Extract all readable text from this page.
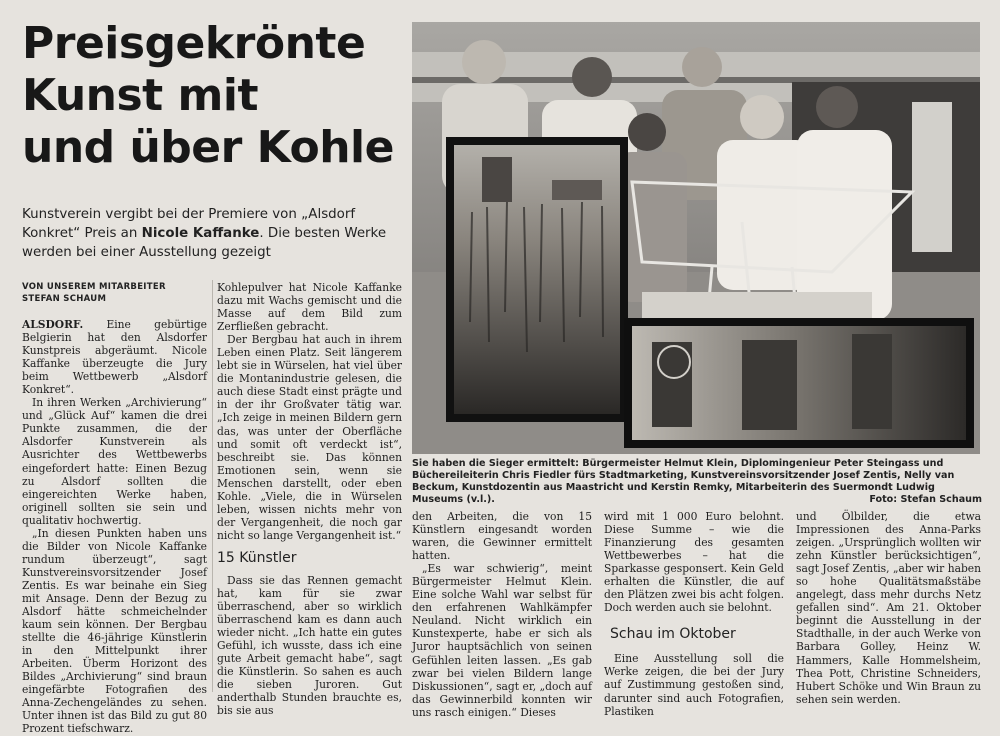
Preisgekrönte
Kunst mit
und über Kohle
Kunstverein vergibt bei der Premiere von „Alsdorf Konkret“ Preis an Nicole Kaffanke. Die besten Werke werden bei einer Ausstellung gezeigt
VON UNSEREM MITARBEITER
STEFAN SCHAUM

ALSDORF. Eine gebürtige Belgierin hat den Alsdorfer Kunstpreis abgeräumt. Nicole Kaffanke überzeugte die Jury beim Wettbewerb „Alsdorf Konkret“.

In ihren Werken „Archivierung“ und „Glück Auf“ kamen die drei Punkte zusammen, die der Alsdorfer Kunstverein als Ausrichter des Wettbewerbs eingefordert hatte: Einen Bezug zu Alsdorf sollten die eingereichten Werke haben, originell sollten sie sein und qualitativ hochwertig.

„In diesen Punkten haben uns die Bilder von Nicole Kaffanke rundum überzeugt“, sagt Kunstvereinsvorsitzender Josef Zentis. Es war beinahe ein Sieg mit Ansage. Denn der Bezug zu Alsdorf hätte schmeichelnder kaum sein können. Der Bergbau stellte die 46-jährige Künstlerin in den Mittelpunkt ihrer Arbeiten. Überm Horizont des Bildes „Archivierung“ sind braun eingefärbte Fotografien des Anna-Zechengeländes zu sehen. Unter ihnen ist das Bild zu gut 80 Prozent tiefschwarz.

Kohlepulver hat Nicole Kaffanke dazu mit Wachs gemischt und die Masse auf dem Bild zum Zerfließen gebracht.

Der Bergbau hat auch in ihrem Leben einen Platz. Seit längerem lebt sie in Würselen, hat viel über die Montanindustrie gelesen, die auch diese Stadt einst prägte und in der ihr Großvater tätig war. „Ich zeige in meinen Bildern gern das, was unter der Oberfläche und somit oft verdeckt ist“, beschreibt sie. Das können Emotionen sein, wenn sie Menschen darstellt, oder eben Kohle. „Viele, die in Würselen leben, wissen nichts mehr von der Vergangenheit, die noch gar nicht so lange Vergangenheit ist.“

15 Künstler

Dass sie das Rennen gemacht hat, kam für sie zwar überraschend, aber so wirklich überraschend kam es dann auch wieder nicht. „Ich hatte ein gutes Gefühl, ich wusste, dass ich eine gute Arbeit gemacht habe“, sagt die Künstlerin. So sahen es auch die sieben Juroren. Gut anderthalb Stunden brauchte es, bis sie aus

Sie haben die Sieger ermittelt: Bürgermeister Helmut Klein, Diplomingenieur Peter Steingass und Büchereileiterin Chris Fiedler fürs Stadtmarketing, Kunstvereinsvorsitzender Josef Zentis, Nelly van Beckum, Kunstdozentin aus Maastricht und Kerstin Remky, Mitarbeiterin des Suermondt Ludwig Museums (v.l.).	Foto: Stefan Schaum

den Arbeiten, die von 15 Künstlern eingesandt worden waren, die Gewinner ermittelt hatten.

„Es war schwierig“, meint Bürgermeister Helmut Klein. Eine solche Wahl war selbst für den erfahrenen Wahlkämpfer Neuland. Nicht wirklich ein Kunstexperte, habe er sich als Juror hauptsächlich von seinen Gefühlen leiten lassen. „Es gab zwar bei vielen Bildern lange Diskussionen“, sagt er, „doch auf das Gewinnerbild konnten wir uns rasch einigen.“ Dieses

wird mit 1 000 Euro belohnt. Diese Summe – wie die Finanzierung des gesamten Wettbewerbes – hat die Sparkasse gesponsert. Kein Geld erhalten die Künstler, die auf den Plätzen zwei bis acht folgen. Doch werden auch sie belohnt.

Schau im Oktober

Eine Ausstellung soll die Werke zeigen, die bei der Jury auf Zustimmung gestoßen sind, darunter sind auch Fotografien, Plastiken

und Ölbilder, die etwa Impressionen des Anna-Parks zeigen. „Ursprünglich wollten wir zehn Künstler berücksichtigen“, sagt Josef Zentis, „aber wir haben so hohe Qualitätsmaßstäbe angelegt, dass mehr durchs Netz gefallen sind“. Am 21. Oktober beginnt die Ausstellung in der Stadthalle, in der auch Werke von Barbara Golley, Heinz W. Hammers, Kalle Hommelsheim, Thea Pott, Christine Schneiders, Hubert Schöke und Win Braun zu sehen sein werden.
